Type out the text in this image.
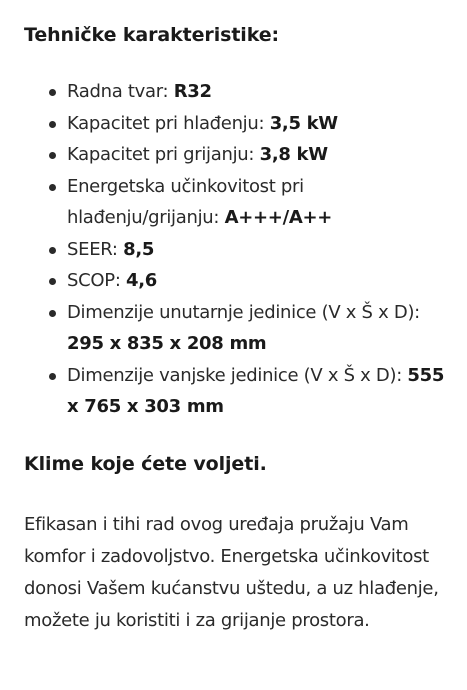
Tehničke karakteristike:
Radna tvar: R32
Kapacitet pri hlađenju: 3,5 kW
Kapacitet pri grijanju: 3,8 kW
Energetska učinkovitost pri hlađenju/grijanju: A+++/A++
SEER: 8,5
SCOP: 4,6
Dimenzije unutarnje jedinice (V x Š x D): 295 x 835 x 208 mm
Dimenzije vanjske jedinice (V x Š x D): 555 x 765 x 303 mm
Klime koje ćete voljeti.

Efikasan i tihi rad ovog uređaja pružaju Vam komfor i zadovoljstvo. Energetska učinkovitost donosi Vašem kućanstvu uštedu, a uz hlađenje, možete ju koristiti i za grijanje prostora.
